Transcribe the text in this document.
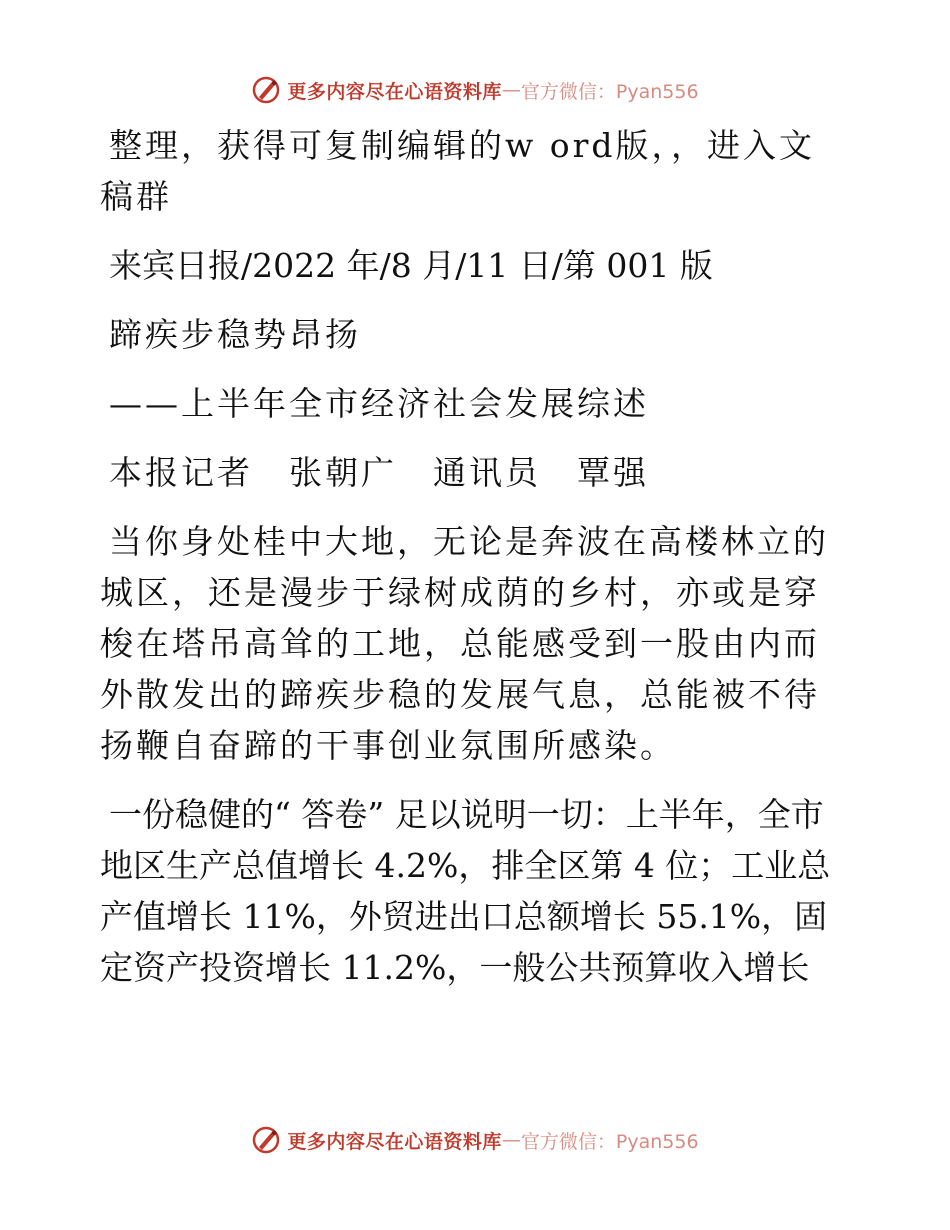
更多内容尽在心语资料库 — 官方微信：Pyan556

整理，获得可复制编辑的w ord版，，进入文稿群

来宾日报/2022 年/8 月/11 日/第 001 版

蹄疾步稳势昂扬

——上半年全市经济社会发展综述

本报记者　张朝广　通讯员　覃强

当你身处桂中大地，无论是奔波在高楼林立的城区，还是漫步于绿树成荫的乡村，亦或是穿梭在塔吊高耸的工地，总能感受到一股由内而外散发出的蹄疾步稳的发展气息，总能被不待扬鞭自奋蹄的干事创业氛围所感染。

一份稳健的“ 答卷” 足以说明一切：上半年，全市地区生产总值增长 4.2%，排全区第 4 位；工业总产值增长 11%，外贸进出口总额增长 55.1%，固定资产投资增长 11.2%，一般公共预算收入增长

更多内容尽在心语资料库 — 官方微信：Pyan556
